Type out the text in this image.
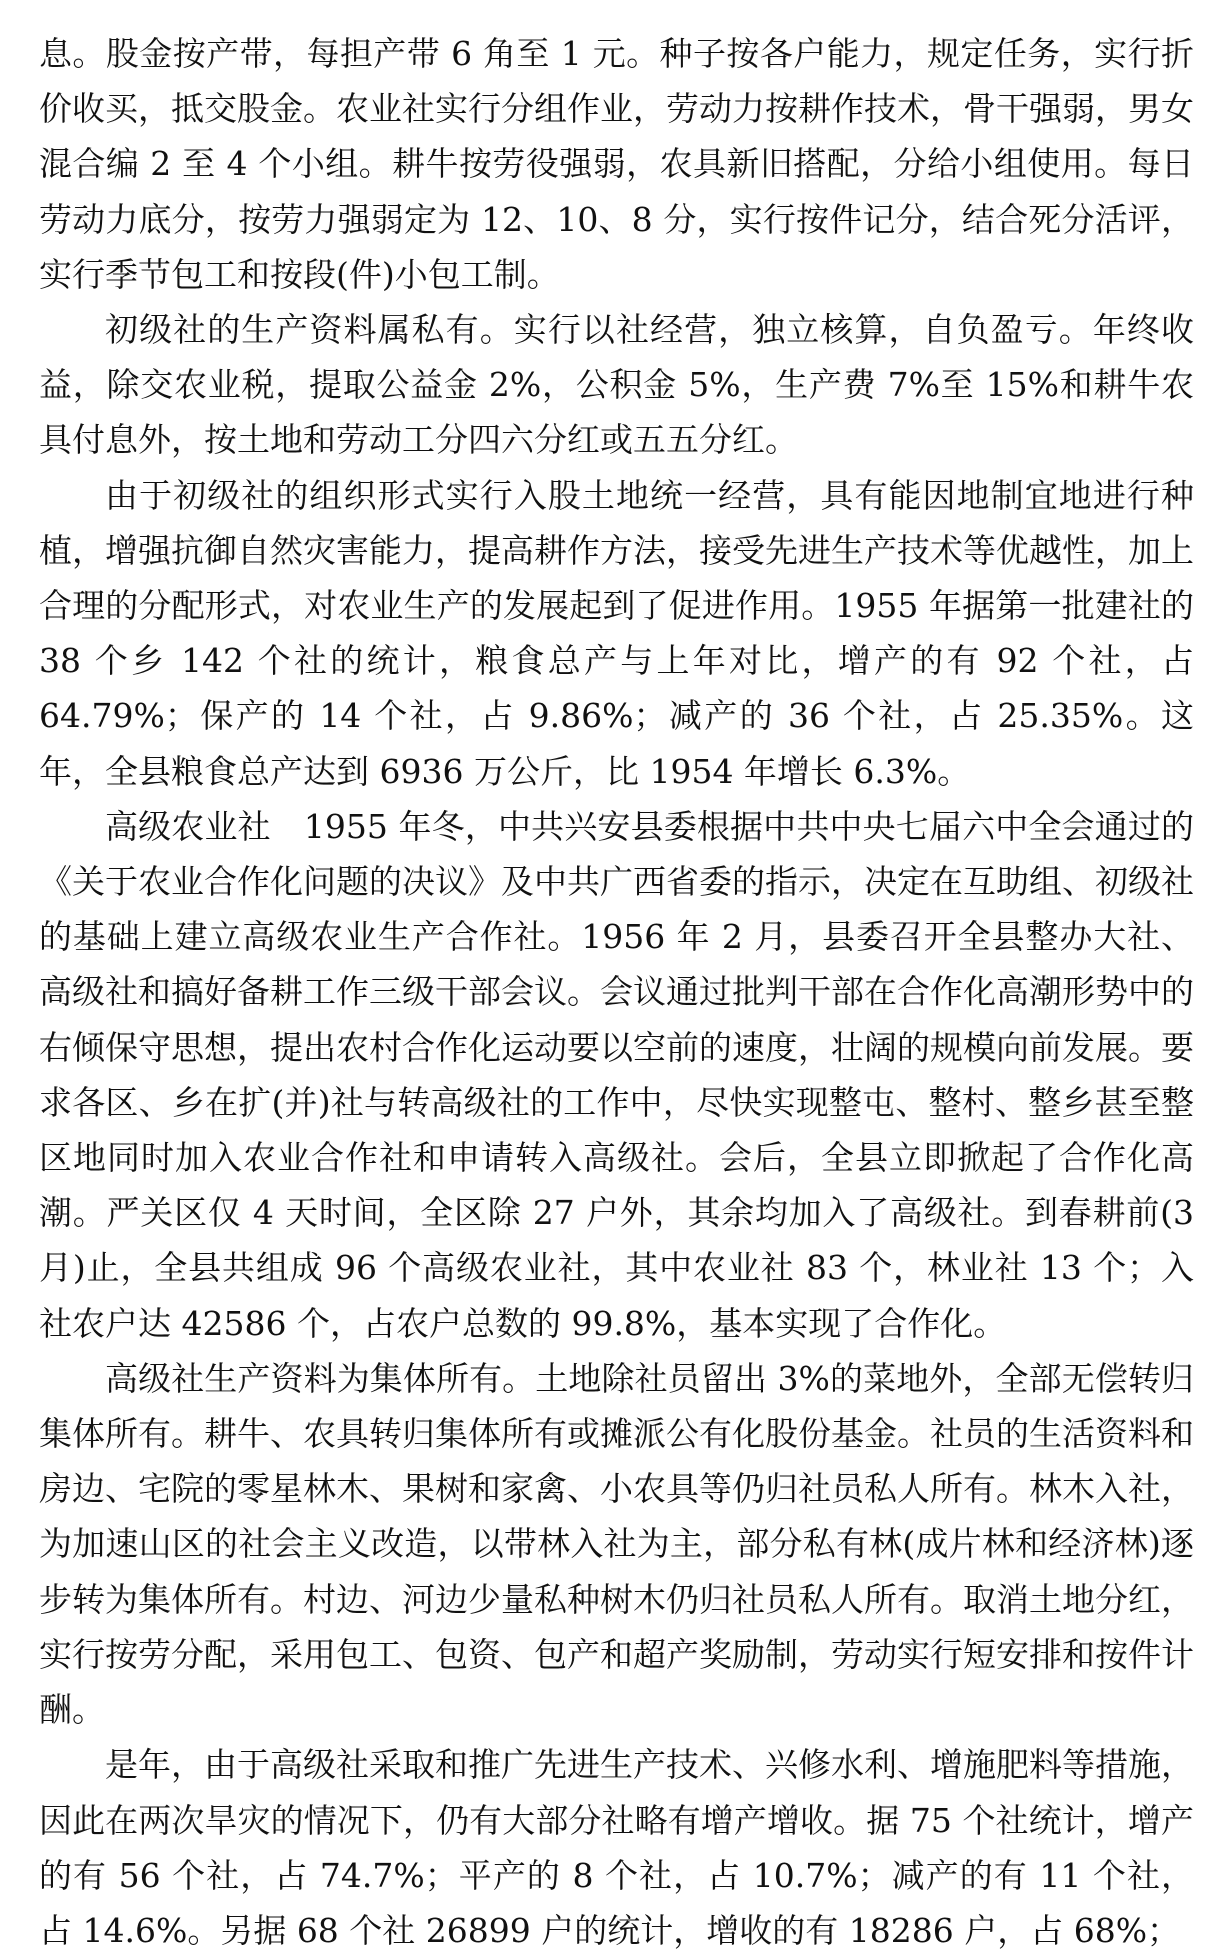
息。股金按产带，每担产带 6 角至 1 元。种子按各户能力，规定任务，实行折价收买，抵交股金。农业社实行分组作业，劳动力按耕作技术，骨干强弱，男女混合编 2 至 4 个小组。耕牛按劳役强弱，农具新旧搭配，分给小组使用。每日劳动力底分，按劳力强弱定为 12、10、8 分，实行按件记分，结合死分活评，实行季节包工和按段(件)小包工制。

初级社的生产资料属私有。实行以社经营，独立核算，自负盈亏。年终收益，除交农业税，提取公益金 2%，公积金 5%，生产费 7%至 15%和耕牛农具付息外，按土地和劳动工分四六分红或五五分红。

由于初级社的组织形式实行入股土地统一经营，具有能因地制宜地进行种植，增强抗御自然灾害能力，提高耕作方法，接受先进生产技术等优越性，加上合理的分配形式，对农业生产的发展起到了促进作用。1955 年据第一批建社的 38 个乡 142 个社的统计，粮食总产与上年对比，增产的有 92 个社，占 64.79%；保产的 14 个社，占 9.86%；减产的 36 个社，占 25.35%。这年，全县粮食总产达到 6936 万公斤，比 1954 年增长 6.3%。

高级农业社　1955 年冬，中共兴安县委根据中共中央七届六中全会通过的《关于农业合作化问题的决议》及中共广西省委的指示，决定在互助组、初级社的基础上建立高级农业生产合作社。1956 年 2 月，县委召开全县整办大社、高级社和搞好备耕工作三级干部会议。会议通过批判干部在合作化高潮形势中的右倾保守思想，提出农村合作化运动要以空前的速度，壮阔的规模向前发展。要求各区、乡在扩(并)社与转高级社的工作中，尽快实现整屯、整村、整乡甚至整区地同时加入农业合作社和申请转入高级社。会后，全县立即掀起了合作化高潮。严关区仅 4 天时间，全区除 27 户外，其余均加入了高级社。到春耕前(3 月)止，全县共组成 96 个高级农业社，其中农业社 83 个，林业社 13 个；入社农户达 42586 个，占农户总数的 99.8%，基本实现了合作化。

高级社生产资料为集体所有。土地除社员留出 3%的菜地外，全部无偿转归集体所有。耕牛、农具转归集体所有或摊派公有化股份基金。社员的生活资料和房边、宅院的零星林木、果树和家禽、小农具等仍归社员私人所有。林木入社，为加速山区的社会主义改造，以带林入社为主，部分私有林(成片林和经济林)逐步转为集体所有。村边、河边少量私种树木仍归社员私人所有。取消土地分红，实行按劳分配，采用包工、包资、包产和超产奖励制，劳动实行短安排和按件计酬。

是年，由于高级社采取和推广先进生产技术、兴修水利、增施肥料等措施，因此在两次旱灾的情况下，仍有大部分社略有增产增收。据 75 个社统计，增产的有 56 个社，占 74.7%；平产的 8 个社，占 10.7%；减产的有 11 个社，占 14.6%。另据 68 个社 26899 户的统计，增收的有 18286 户，占 68%；
